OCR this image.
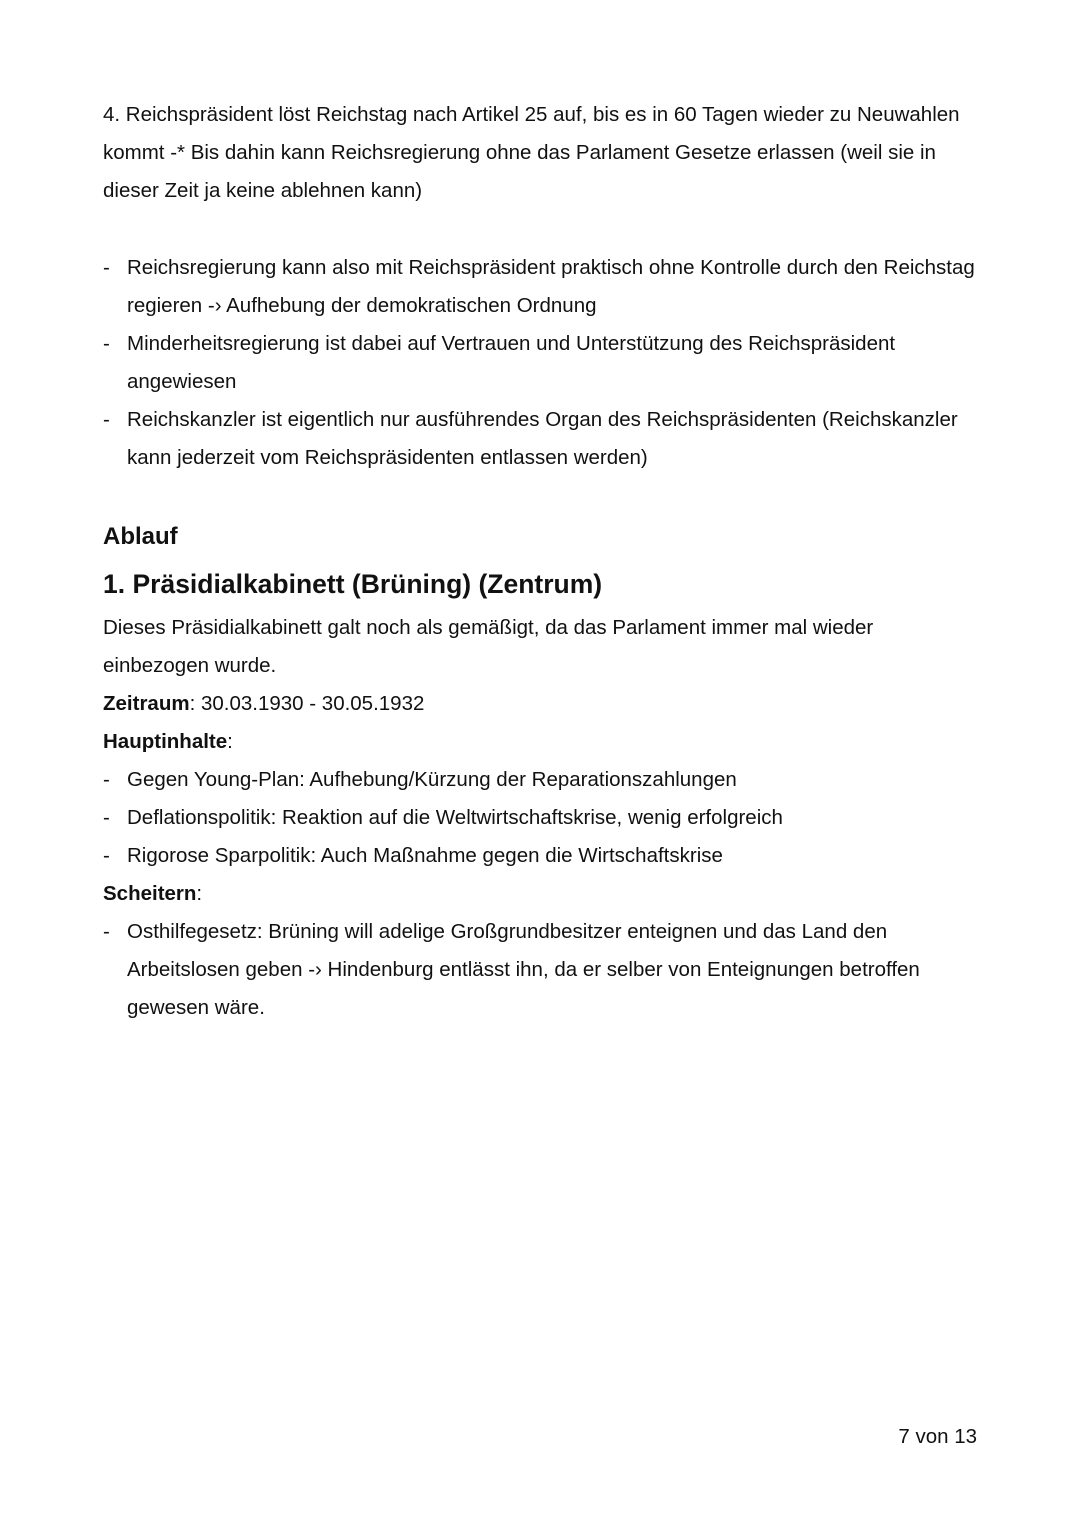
4. Reichspräsident löst Reichstag nach Artikel 25 auf, bis es in 60 Tagen wieder zu Neuwahlen kommt -* Bis dahin kann Reichsregierung ohne das Parlament Gesetze erlassen (weil sie in dieser Zeit ja keine ablehnen kann)

- Reichsregierung kann also mit Reichspräsident praktisch ohne Kontrolle durch den Reichstag regieren -› Aufhebung der demokratischen Ordnung
- Minderheitsregierung ist dabei auf Vertrauen und Unterstützung des Reichspräsident angewiesen
- Reichskanzler ist eigentlich nur ausführendes Organ des Reichspräsidenten (Reichskanzler kann jederzeit vom Reichspräsidenten entlassen werden)
Ablauf
1. Präsidialkabinett (Brüning) (Zentrum)

Dieses Präsidialkabinett galt noch als gemäßigt, da das Parlament immer mal wieder einbezogen wurde.

Zeitraum: 30.03.1930 - 30.05.1932

Hauptinhalte:

- Gegen Young-Plan: Aufhebung/Kürzung der Reparationszahlungen
- Deflationspolitik: Reaktion auf die Weltwirtschaftskrise, wenig erfolgreich
- Rigorose Sparpolitik: Auch Maßnahme gegen die Wirtschaftskrise

Scheitern:

- Osthilfegesetz: Brüning will adelige Großgrundbesitzer enteignen und das Land den Arbeitslosen geben -› Hindenburg entlässt ihn, da er selber von Enteignungen betroffen gewesen wäre.
7 von 13
